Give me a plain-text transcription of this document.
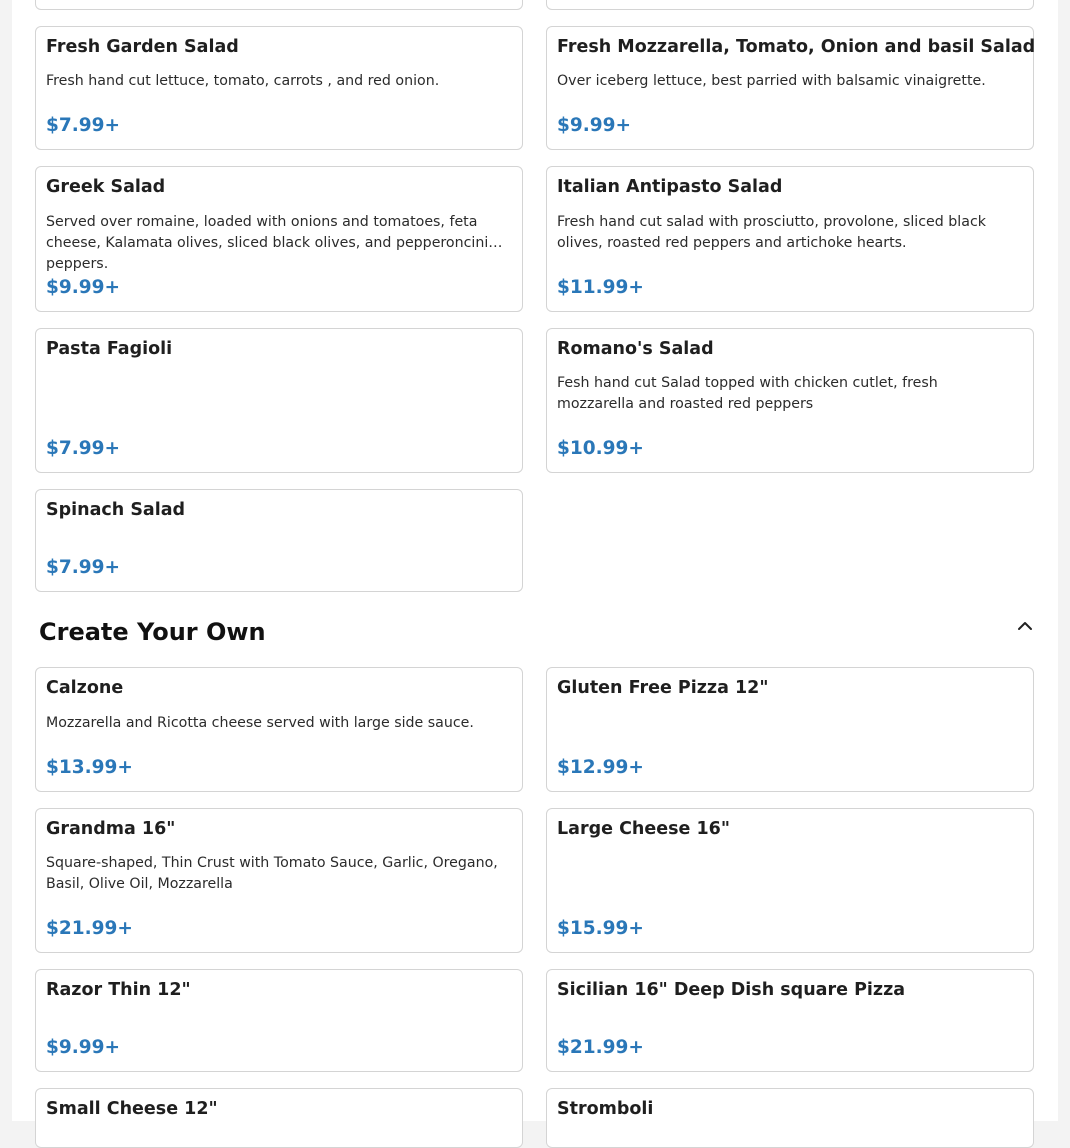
Fresh Garden Salad
Fresh hand cut lettuce, tomato, carrots , and red onion.
$7.99+
Fresh Mozzarella, Tomato, Onion and basil Salad
Over iceberg lettuce, best parried with balsamic vinaigrette.
$9.99+
Greek Salad
Served over romaine, loaded with onions and tomatoes, feta cheese, Kalamata olives, sliced black olives, and pepperoncini peppers.
$9.99+
Italian Antipasto Salad
Fresh hand cut salad with prosciutto, provolone, sliced black olives, roasted red peppers and artichoke hearts.
$11.99+
Pasta Fagioli
$7.99+
Romano's Salad
Fesh hand cut Salad topped with chicken cutlet, fresh mozzarella and roasted red peppers
$10.99+
Spinach Salad
$7.99+
Create Your Own
Calzone
Mozzarella and Ricotta cheese served with large side sauce.
$13.99+
Gluten Free Pizza 12"
$12.99+
Grandma 16"
Square-shaped, Thin Crust with Tomato Sauce, Garlic, Oregano, Basil, Olive Oil, Mozzarella
$21.99+
Large Cheese 16"
$15.99+
Razor Thin 12"
$9.99+
Sicilian 16" Deep Dish square Pizza
$21.99+
Small Cheese 12"	Stromboli
